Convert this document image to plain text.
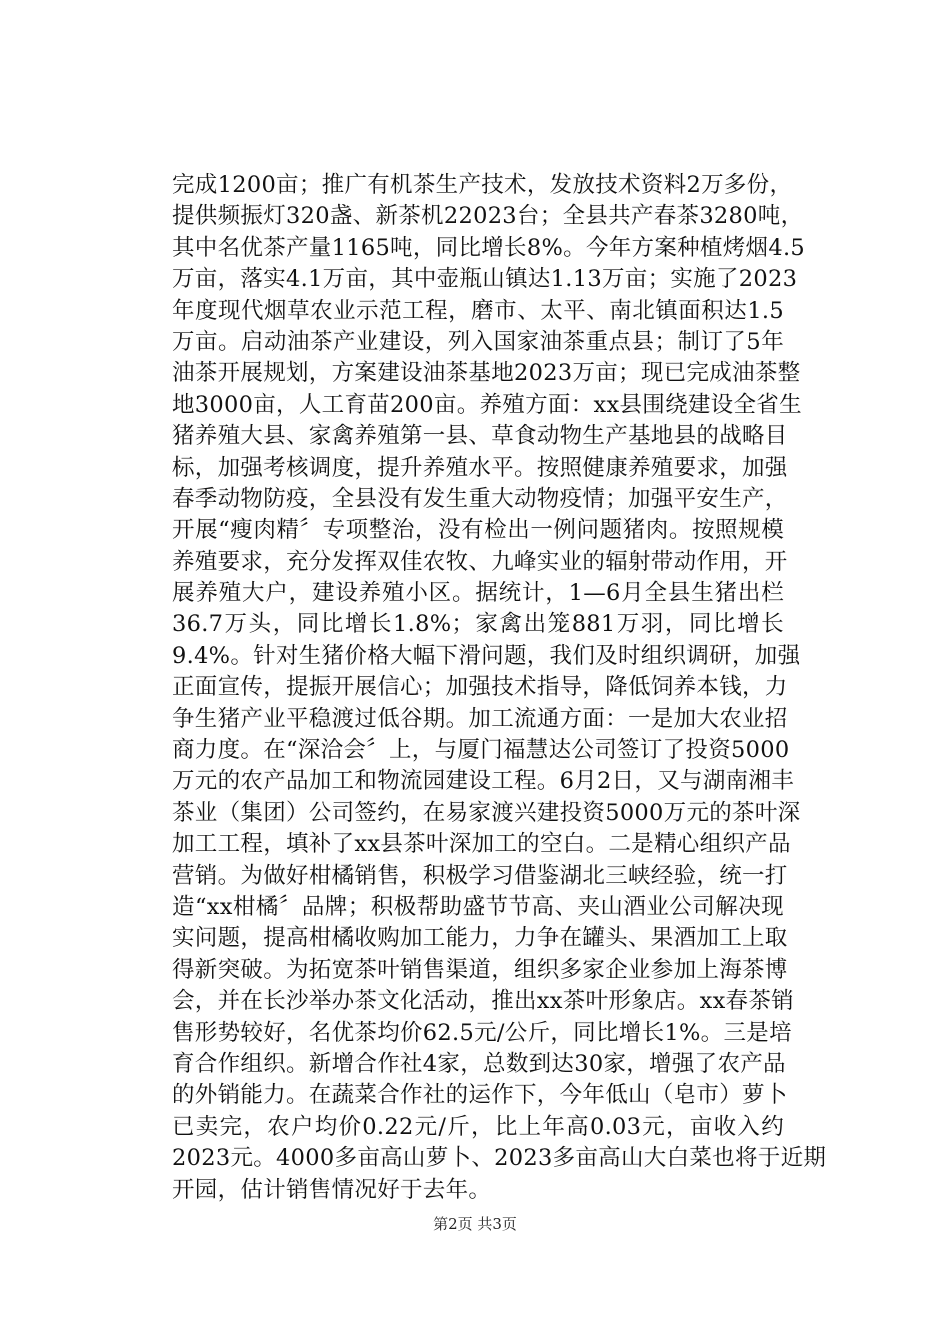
完成1200亩；推广有机茶生产技术，发放技术资料2万多份，
提供频振灯320盏、新茶机22023台；全县共产春茶3280吨，
其中名优茶产量1165吨，同比增长8%。今年方案种植烤烟4.5
万亩，落实4.1万亩，其中壶瓶山镇达1.13万亩；实施了2023
年度现代烟草农业示范工程，磨市、太平、南北镇面积达1.5
万亩。启动油茶产业建设，列入国家油茶重点县；制订了5年
油茶开展规划，方案建设油茶基地2023万亩；现已完成油茶整
地3000亩，人工育苗200亩。养殖方面：xx县围绕建设全省生
猪养殖大县、家禽养殖第一县、草食动物生产基地县的战略目
标，加强考核调度，提升养殖水平。按照健康养殖要求，加强
春季动物防疫，全县没有发生重大动物疫情；加强平安生产，
开展“瘦肉精〞专项整治，没有检出一例问题猪肉。按照规模
养殖要求，充分发挥双佳农牧、九峰实业的辐射带动作用，开
展养殖大户，建设养殖小区。据统计，1—6月全县生猪出栏
36.7万头，同比增长1.8%；家禽出笼881万羽，同比增长
9.4%。针对生猪价格大幅下滑问题，我们及时组织调研，加强
正面宣传，提振开展信心；加强技术指导，降低饲养本钱，力
争生猪产业平稳渡过低谷期。加工流通方面：一是加大农业招
商力度。在“深洽会〞上，与厦门福慧达公司签订了投资5000
万元的农产品加工和物流园建设工程。6月2日，又与湖南湘丰
茶业（集团）公司签约，在易家渡兴建投资5000万元的茶叶深
加工工程，填补了xx县茶叶深加工的空白。二是精心组织产品
营销。为做好柑橘销售，积极学习借鉴湖北三峡经验，统一打
造“xx柑橘〞品牌；积极帮助盛节节高、夹山酒业公司解决现
实问题，提高柑橘收购加工能力，力争在罐头、果酒加工上取
得新突破。为拓宽茶叶销售渠道，组织多家企业参加上海茶博
会，并在长沙举办茶文化活动，推出xx茶叶形象店。xx春茶销
售形势较好，名优茶均价62.5元/公斤，同比增长1%。三是培
育合作组织。新增合作社4家，总数到达30家，增强了农产品
的外销能力。在蔬菜合作社的运作下，今年低山（皂市）萝卜
已卖完，农户均价0.22元/斤，比上年高0.03元，亩收入约
2023元。4000多亩高山萝卜、2023多亩高山大白菜也将于近期
开园，估计销售情况好于去年。
第2页 共3页
